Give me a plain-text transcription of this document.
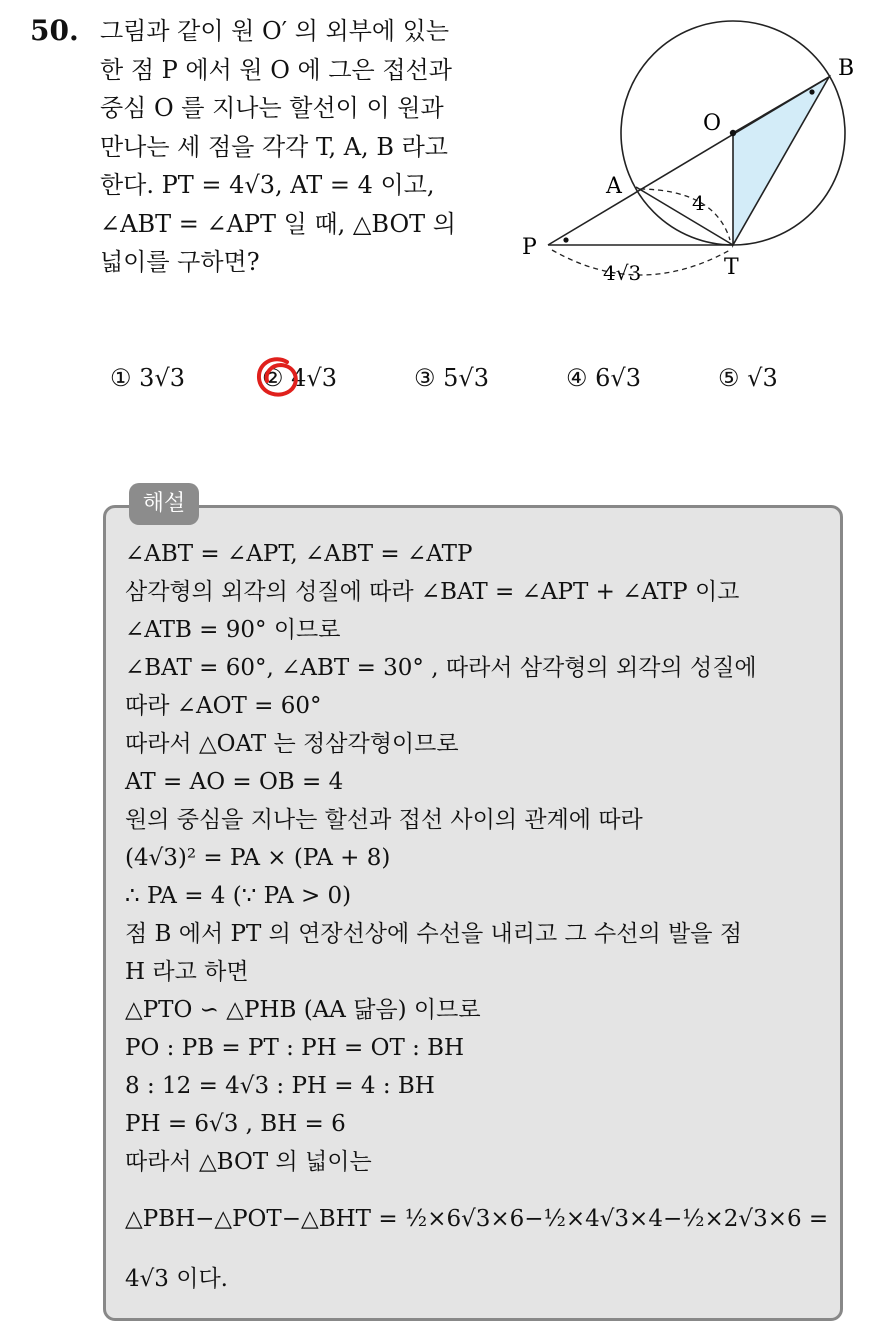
50. 그림과 같이 원 O′ 의 외부에 있는
한 점 P 에서 원 O 에 그은 접선과
중심 O 를 지나는 할선이 이 원과
만나는 세 점을 각각 T, A, B 라고
한다. PT = 4√3, AT = 4 이고,
∠ABT = ∠APT 일 때, △BOT 의
넓이를 구하면?
B
O
A
P
T
4
4√3
① 3√3	② 4√3	③ 5√3	④ 6√3	⑤ √3
해설
∠ABT = ∠APT, ∠ABT = ∠ATP
삼각형의 외각의 성질에 따라 ∠BAT = ∠APT + ∠ATP 이고
∠ATB = 90° 이므로
∠BAT = 60°, ∠ABT = 30° , 따라서 삼각형의 외각의 성질에
따라 ∠AOT = 60°
따라서 △OAT 는 정삼각형이므로
AT = AO = OB = 4
원의 중심을 지나는 할선과 접선 사이의 관계에 따라
(4√3)² = PA × (PA + 8)
∴ PA = 4 (∵ PA > 0)
점 B 에서 PT 의 연장선상에 수선을 내리고 그 수선의 발을 점
H 라고 하면
△PTO ∽ △PHB (AA 닮음) 이므로
PO : PB = PT : PH = OT : BH
8 : 12 = 4√3 : PH = 4 : BH
PH = 6√3 , BH = 6
따라서 △BOT 의 넓이는
△PBH−△POT−△BHT = ½×6√3×6−½×4√3×4−½×2√3×6 =
4√3 이다.
